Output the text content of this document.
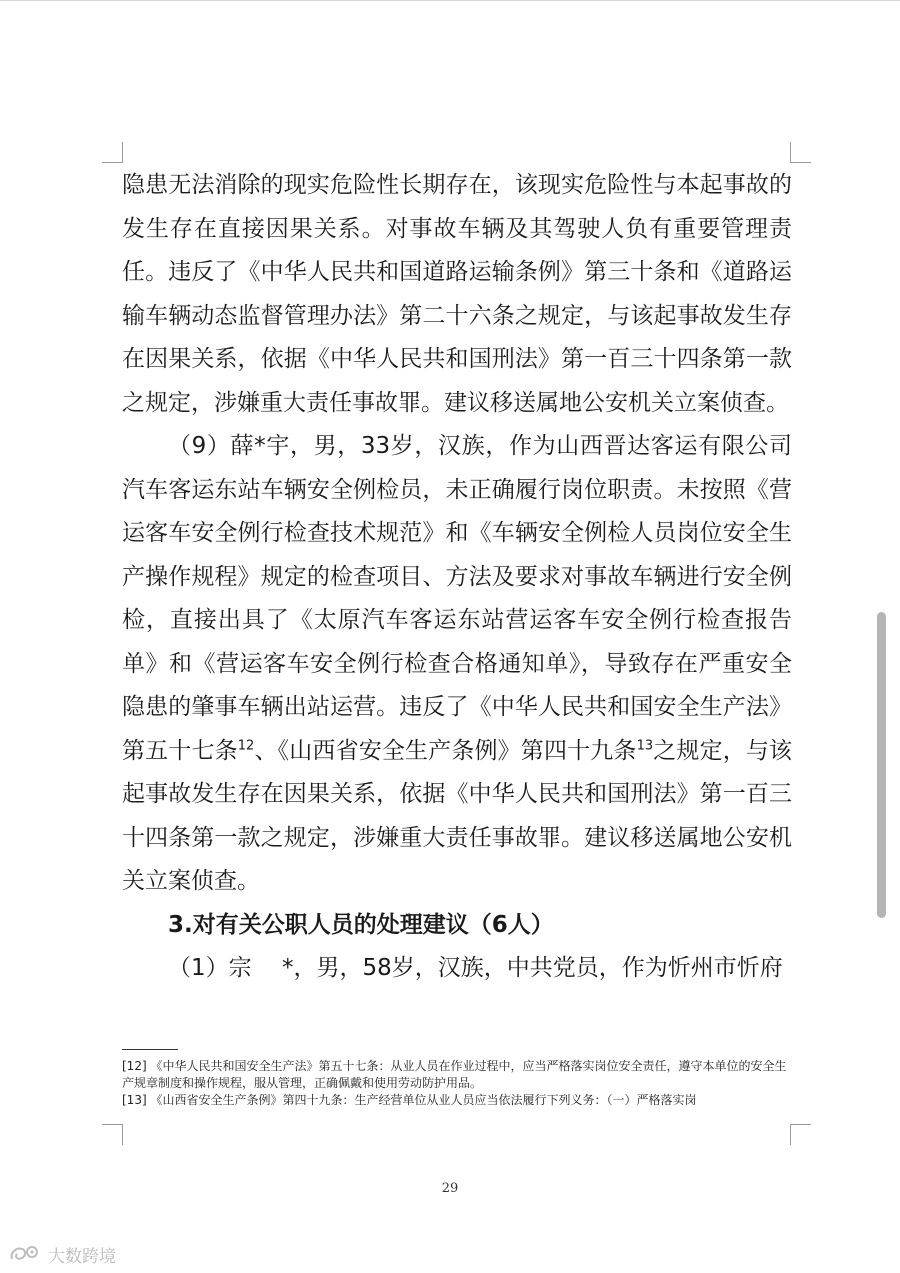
隐患无法消除的现实危险性长期存在，该现实危险性与本起事故的发生存在直接因果关系。对事故车辆及其驾驶人负有重要管理责任。违反了《中华人民共和国道路运输条例》第三十条和《道路运输车辆动态监督管理办法》第二十六条之规定，与该起事故发生存在因果关系，依据《中华人民共和国刑法》第一百三十四条第一款之规定，涉嫌重大责任事故罪。建议移送属地公安机关立案侦查。

（9）薛*宇，男，33岁，汉族，作为山西晋达客运有限公司汽车客运东站车辆安全例检员，未正确履行岗位职责。未按照《营运客车安全例行检查技术规范》和《车辆安全例检人员岗位安全生产操作规程》规定的检查项目、方法及要求对事故车辆进行安全例检，直接出具了《太原汽车客运东站营运客车安全例行检查报告单》和《营运客车安全例行检查合格通知单》，导致存在严重安全隐患的肇事车辆出站运营。违反了《中华人民共和国安全生产法》第五十七条$^{12}$、《山西省安全生产条例》第四十九条$^{13}$之规定，与该起事故发生存在因果关系，依据《中华人民共和国刑法》第一百三十四条第一款之规定，涉嫌重大责任事故罪。建议移送属地公安机关立案侦查。

3.对有关公职人员的处理建议（6人）

（1）宗　 *，男，58岁，汉族，中共党员，作为忻州市忻府

[12] 《中华人民共和国安全生产法》第五十七条：从业人员在作业过程中，应当严格落实岗位安全责任，遵守本单位的安全生产规章制度和操作规程，服从管理，正确佩戴和使用劳动防护用品。

[13] 《山西省安全生产条例》第四十九条：生产经营单位从业人员应当依法履行下列义务：（一）严格落实岗

29
大数跨境
